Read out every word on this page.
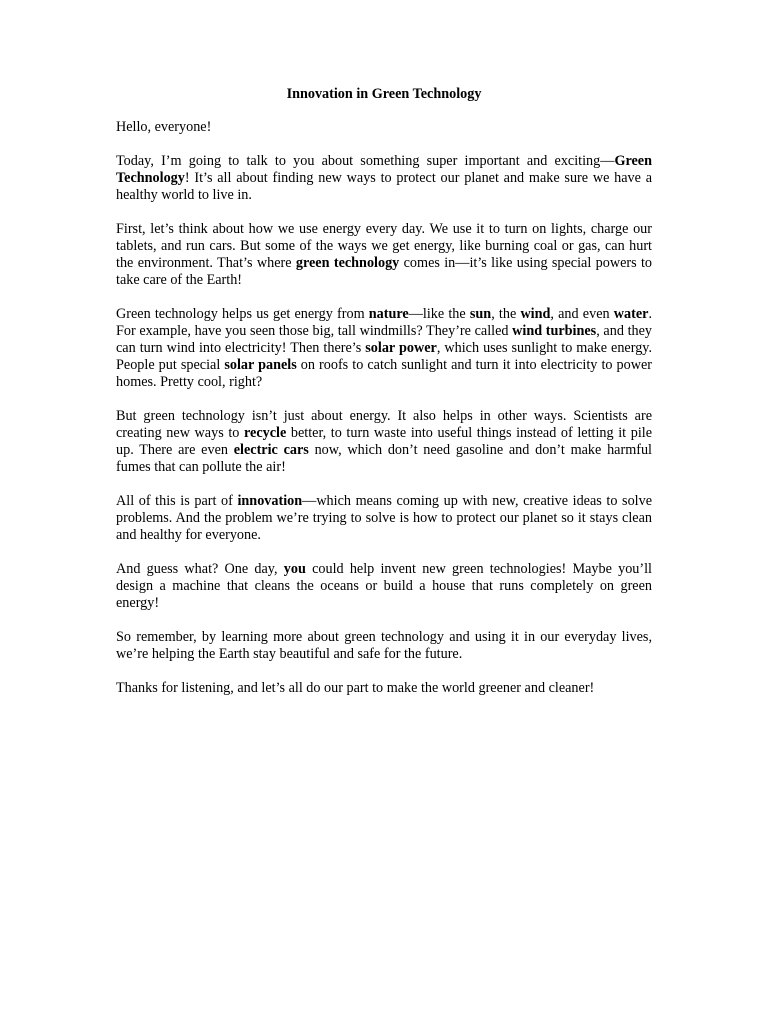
Innovation in Green Technology

Hello, everyone!

Today, I’m going to talk to you about something super important and exciting—Green Technology! It’s all about finding new ways to protect our planet and make sure we have a healthy world to live in.

First, let’s think about how we use energy every day. We use it to turn on lights, charge our tablets, and run cars. But some of the ways we get energy, like burning coal or gas, can hurt the environment. That’s where green technology comes in—it’s like using special powers to take care of the Earth!

Green technology helps us get energy from nature—like the sun, the wind, and even water. For example, have you seen those big, tall windmills? They’re called wind turbines, and they can turn wind into electricity! Then there’s solar power, which uses sunlight to make energy. People put special solar panels on roofs to catch sunlight and turn it into electricity to power homes. Pretty cool, right?

But green technology isn’t just about energy. It also helps in other ways. Scientists are creating new ways to recycle better, to turn waste into useful things instead of letting it pile up. There are even electric cars now, which don’t need gasoline and don’t make harmful fumes that can pollute the air!

All of this is part of innovation—which means coming up with new, creative ideas to solve problems. And the problem we’re trying to solve is how to protect our planet so it stays clean and healthy for everyone.

And guess what? One day, you could help invent new green technologies! Maybe you’ll design a machine that cleans the oceans or build a house that runs completely on green energy!

So remember, by learning more about green technology and using it in our everyday lives, we’re helping the Earth stay beautiful and safe for the future.

Thanks for listening, and let’s all do our part to make the world greener and cleaner!
